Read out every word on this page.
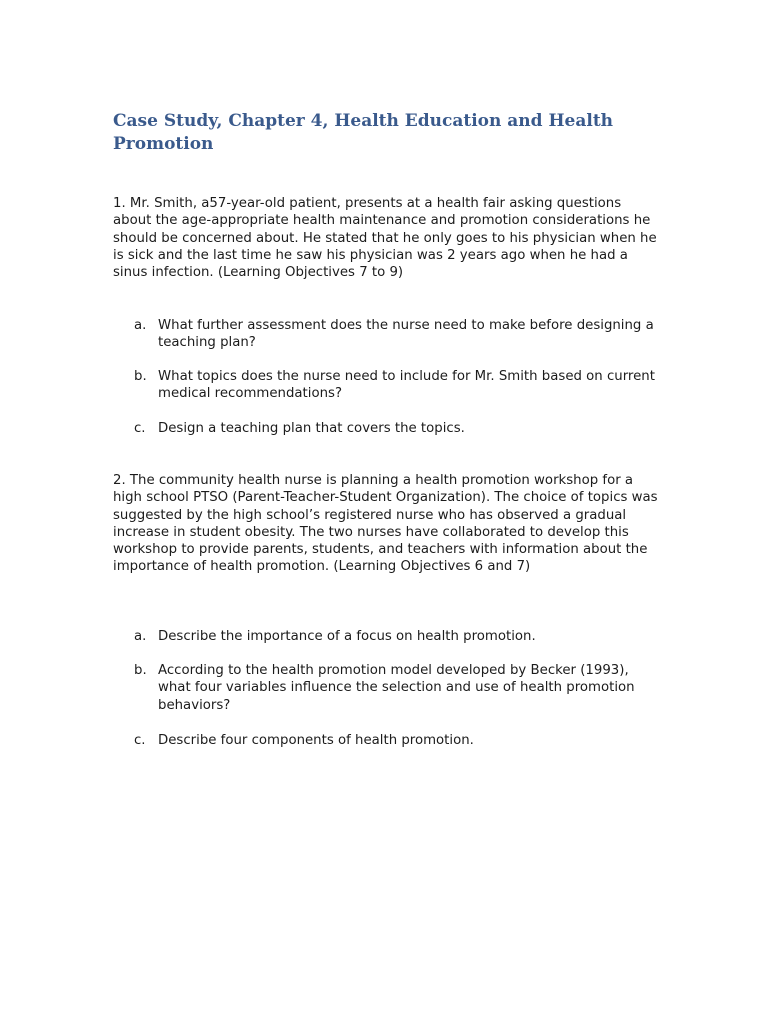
Case Study, Chapter 4, Health Education and Health Promotion

1. Mr. Smith, a57-year-old patient, presents at a health fair asking questions about the age-appropriate health maintenance and promotion considerations he should be concerned about. He stated that he only goes to his physician when he is sick and the last time he saw his physician was 2 years ago when he had a sinus infection. (Learning Objectives 7 to 9)

a. What further assessment does the nurse need to make before designing a teaching plan?
b. What topics does the nurse need to include for Mr. Smith based on current medical recommendations?
c. Design a teaching plan that covers the topics.

2. The community health nurse is planning a health promotion workshop for a high school PTSO (Parent-Teacher-Student Organization). The choice of topics was suggested by the high school’s registered nurse who has observed a gradual increase in student obesity. The two nurses have collaborated to develop this workshop to provide parents, students, and teachers with information about the importance of health promotion. (Learning Objectives 6 and 7)

a. Describe the importance of a focus on health promotion.
b. According to the health promotion model developed by Becker (1993), what four variables influence the selection and use of health promotion behaviors?
c. Describe four components of health promotion.
